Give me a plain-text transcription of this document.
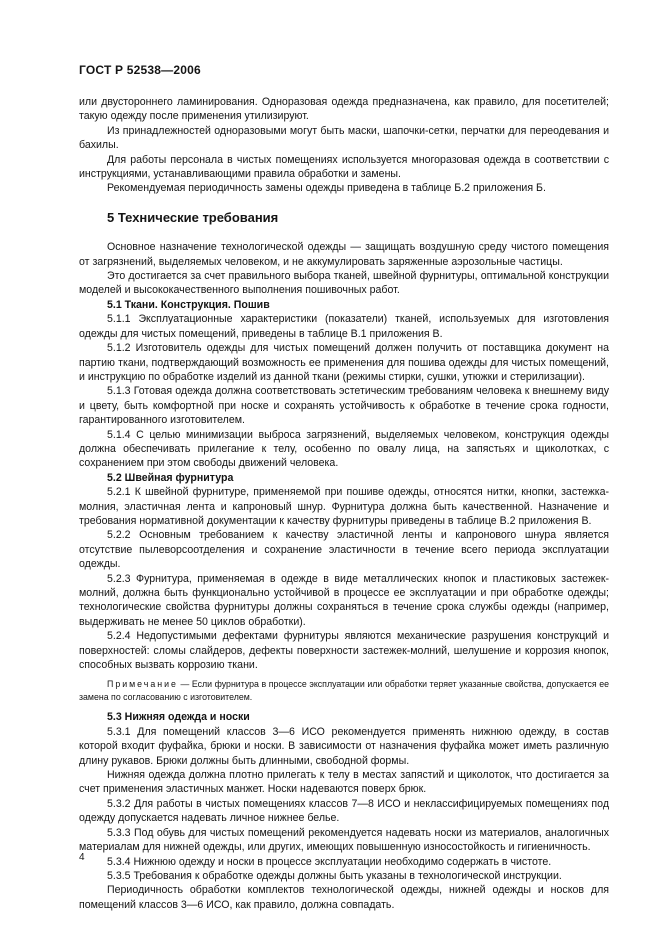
ГОСТ Р 52538—2006

или двустороннего ламинирования. Одноразовая одежда предназначена, как правило, для посетителей; такую одежду после применения утилизируют.

Из принадлежностей одноразовыми могут быть маски, шапочки-сетки, перчатки для переодевания и бахилы.

Для работы персонала в чистых помещениях используется многоразовая одежда в соответствии с инструкциями, устанавливающими правила обработки и замены.

Рекомендуемая периодичность замены одежды приведена в таблице Б.2 приложения Б.

5 Технические требования

Основное назначение технологической одежды — защищать воздушную среду чистого помещения от загрязнений, выделяемых человеком, и не аккумулировать заряженные аэрозольные частицы.

Это достигается за счет правильного выбора тканей, швейной фурнитуры, оптимальной конструкции моделей и высококачественного выполнения пошивочных работ.

5.1 Ткани. Конструкция. Пошив

5.1.1 Эксплуатационные характеристики (показатели) тканей, используемых для изготовления одежды для чистых помещений, приведены в таблице В.1 приложения В.

5.1.2 Изготовитель одежды для чистых помещений должен получить от поставщика документ на партию ткани, подтверждающий возможность ее применения для пошива одежды для чистых помещений, и инструкцию по обработке изделий из данной ткани (режимы стирки, сушки, утюжки и стерилизации).

5.1.3 Готовая одежда должна соответствовать эстетическим требованиям человека к внешнему виду и цвету, быть комфортной при носке и сохранять устойчивость к обработке в течение срока годности, гарантированного изготовителем.

5.1.4 С целью минимизации выброса загрязнений, выделяемых человеком, конструкция одежды должна обеспечивать прилегание к телу, особенно по овалу лица, на запястьях и щиколотках, с сохранением при этом свободы движений человека.

5.2 Швейная фурнитура

5.2.1 К швейной фурнитуре, применяемой при пошиве одежды, относятся нитки, кнопки, застежка-молния, эластичная лента и капроновый шнур. Фурнитура должна быть качественной. Назначение и требования нормативной документации к качеству фурнитуры приведены в таблице В.2 приложения В.

5.2.2 Основным требованием к качеству эластичной ленты и капронового шнура является отсутствие пылеворсоотделения и сохранение эластичности в течение всего периода эксплуатации одежды.

5.2.3 Фурнитура, применяемая в одежде в виде металлических кнопок и пластиковых застежек-молний, должна быть функционально устойчивой в процессе ее эксплуатации и при обработке одежды; технологические свойства фурнитуры должны сохраняться в течение срока службы одежды (например, выдерживать не менее 50 циклов обработки).

5.2.4 Недопустимыми дефектами фурнитуры являются механические разрушения конструкций и поверхностей: сломы слайдеров, дефекты поверхности застежек-молний, шелушение и коррозия кнопок, способных вызвать коррозию ткани.

Примечание — Если фурнитура в процессе эксплуатации или обработки теряет указанные свойства, допускается ее замена по согласованию с изготовителем.

5.3 Нижняя одежда и носки

5.3.1 Для помещений классов 3—6 ИСО рекомендуется применять нижнюю одежду, в состав которой входит фуфайка, брюки и носки. В зависимости от назначения фуфайка может иметь различную длину рукавов. Брюки должны быть длинными, свободной формы.

Нижняя одежда должна плотно прилегать к телу в местах запястий и щиколоток, что достигается за счет применения эластичных манжет. Носки надеваются поверх брюк.

5.3.2 Для работы в чистых помещениях классов 7—8 ИСО и неклассифицируемых помещениях под одежду допускается надевать личное нижнее белье.

5.3.3 Под обувь для чистых помещений рекомендуется надевать носки из материалов, аналогичных материалам для нижней одежды, или других, имеющих повышенную износостойкость и гигиеничность.

5.3.4 Нижнюю одежду и носки в процессе эксплуатации необходимо содержать в чистоте.

5.3.5 Требования к обработке одежды должны быть указаны в технологической инструкции.

Периодичность обработки комплектов технологической одежды, нижней одежды и носков для помещений классов 3—6 ИСО, как правило, должна совпадать.

4
